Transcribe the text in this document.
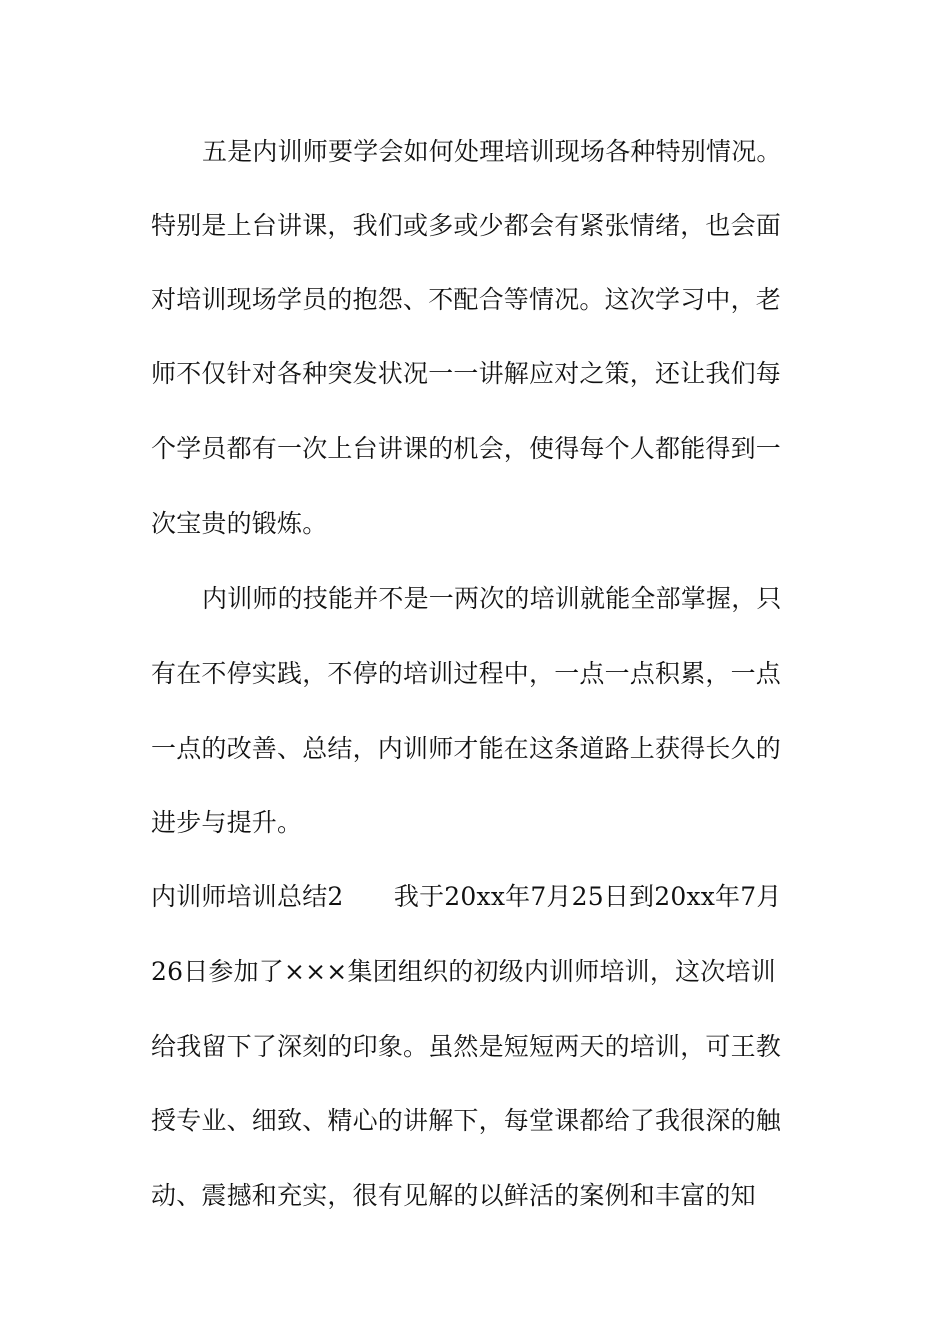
五是内训师要学会如何处理培训现场各种特别情况。
特别是上台讲课，我们或多或少都会有紧张情绪，也会面
对培训现场学员的抱怨、不配合等情况。这次学习中，老
师不仅针对各种突发状况一一讲解应对之策，还让我们每
个学员都有一次上台讲课的机会，使得每个人都能得到一
次宝贵的锻炼。
内训师的技能并不是一两次的培训就能全部掌握，只
有在不停实践，不停的培训过程中，一点一点积累，一点
一点的改善、总结，内训师才能在这条道路上获得长久的
进步与提升。
内训师培训总结2　　我于20xx年7月25日到20xx年7月
26日参加了×××集团组织的初级内训师培训，这次培训
给我留下了深刻的印象。虽然是短短两天的培训，可王教
授专业、细致、精心的讲解下，每堂课都给了我很深的触
动、震撼和充实，很有见解的以鲜活的案例和丰富的知
